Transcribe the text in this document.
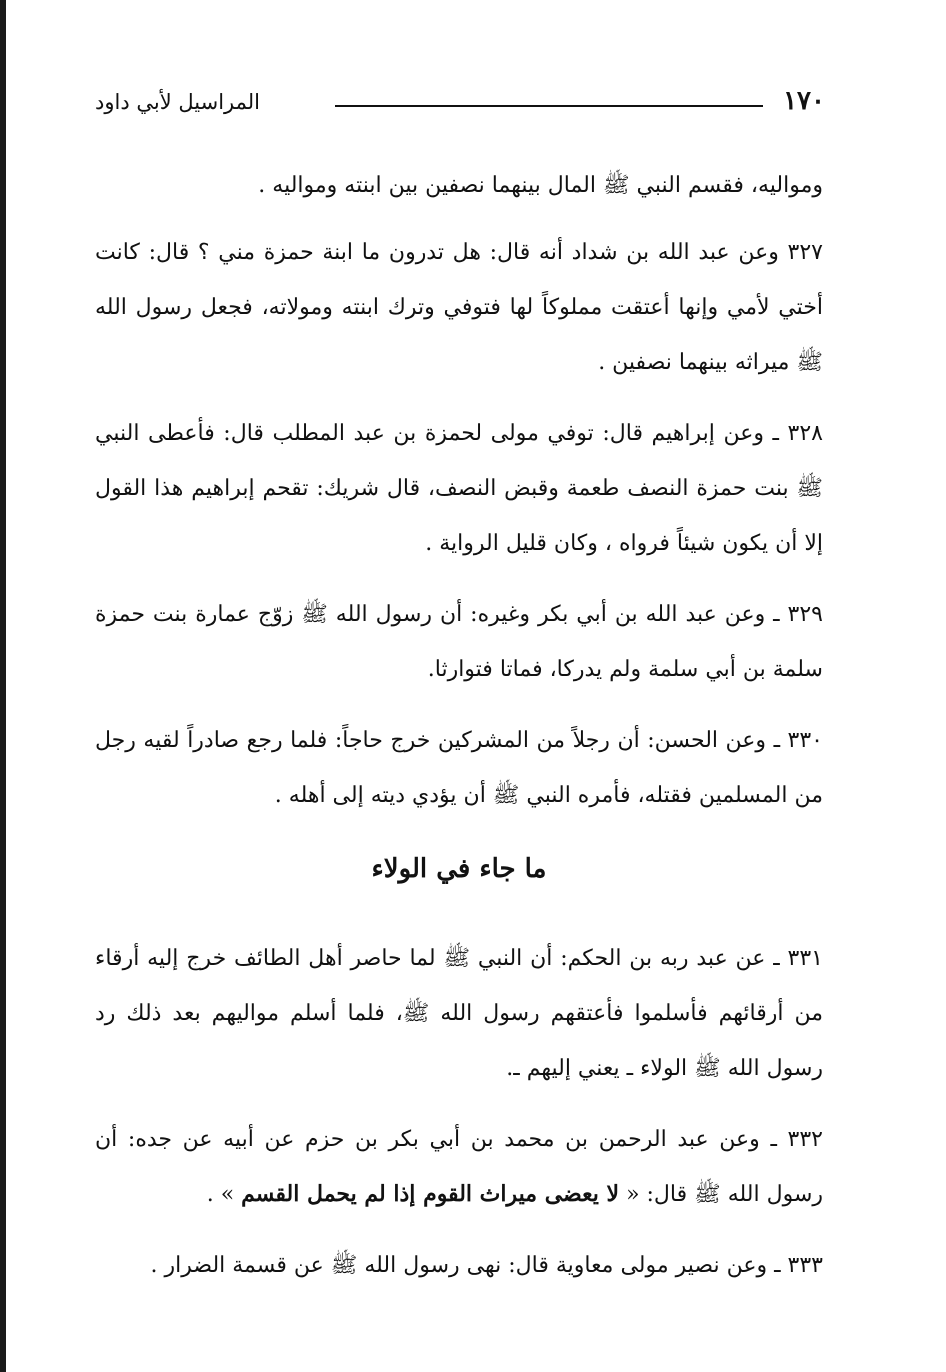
١٧٠
المراسيل لأبي داود

ومواليه، فقسم النبي ﷺ المال بينهما نصفين بين ابنته ومواليه .

٣٢٧ وعن عبد الله بن شداد أنه قال: هل تدرون ما ابنة حمزة مني ؟ قال: كانت أختي لأمي وإنها أعتقت مملوكاً لها فتوفي وترك ابنته ومولاته، فجعل رسول الله ﷺ ميراثه بينهما نصفين .

٣٢٨ ـ وعن إبراهيم قال: توفي مولى لحمزة بن عبد المطلب قال: فأعطى النبي ﷺ بنت حمزة النصف طعمة وقبض النصف، قال شريك: تقحم إبراهيم هذا القول إلا أن يكون شيئاً فرواه ، وكان قليل الرواية .

٣٢٩ ـ وعن عبد الله بن أبي بكر وغيره: أن رسول الله ﷺ زوّج عمارة بنت حمزة سلمة بن أبي سلمة ولم يدركا، فماتا فتوارثا.

٣٣٠ ـ وعن الحسن: أن رجلاً من المشركين خرج حاجاً: فلما رجع صادراً لقيه رجل من المسلمين فقتله، فأمره النبي ﷺ أن يؤدي ديته إلى أهله .

ما جاء في الولاء

٣٣١ ـ عن عبد ربه بن الحكم: أن النبي ﷺ لما حاصر أهل الطائف خرج إليه أرقاء من أرقائهم فأسلموا فأعتقهم رسول الله ﷺ، فلما أسلم مواليهم بعد ذلك رد رسول الله ﷺ الولاء ـ يعني إليهم ـ.

٣٣٢ ـ وعن عبد الرحمن بن محمد بن أبي بكر بن حزم عن أبيه عن جده: أن رسول الله ﷺ قال: « لا يعضى ميراث القوم إذا لم يحمل القسم » .

٣٣٣ ـ وعن نصير مولى معاوية قال: نهى رسول الله ﷺ عن قسمة الضرار .
